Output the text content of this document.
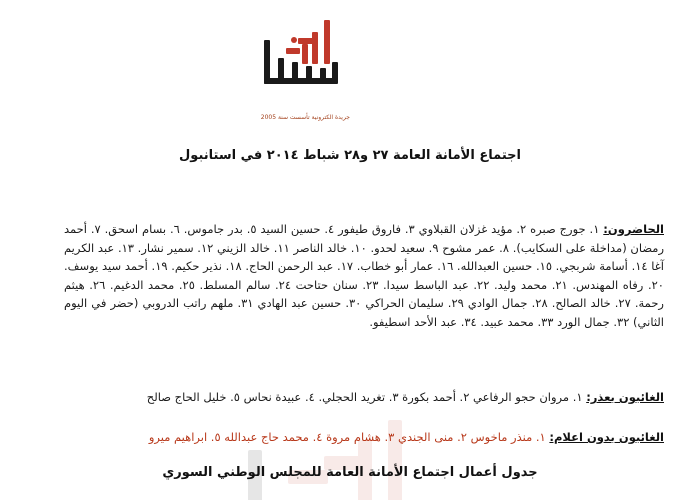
جريدة الكترونية تأسست سنة 2005
اجتماع الأمانة العامة ٢٧ و٢٨ شباط ٢٠١٤ في استانبول
الحاضرون: ١. جورج صبره ٢. مؤيد غزلان القبلاوي ٣. فاروق طيفور ٤. حسين السيد ٥. بدر جاموس. ٦. بسام اسحق. ٧. أحمد رمضان (مداخلة على السكايب). ٨. عمر مشوح ٩. سعيد لحدو. ١٠. خالد الناصر ١١. خالد الزيني ١٢. سمير نشار. ١٣. عبد الكريم آغا ١٤. أسامة شربجي. ١٥. حسين العبدالله. ١٦. عمار أبو خطاب. ١٧. عبد الرحمن الحاج. ١٨. نذير حكيم. ١٩. أحمد سيد يوسف. ٢٠. رفاه المهندس. ٢١. محمد وليد. ٢٢. عبد الباسط سيدا. ٢٣. سنان حتاحت ٢٤. سالم المسلط. ٢٥. محمد الدغيم. ٢٦. هيثم رحمة. ٢٧. خالد الصالح. ٢٨. جمال الوادي ٢٩. سليمان الحراكي ٣٠. حسين عبد الهادي ٣١. ملهم راتب الدروبي (حضر في اليوم الثاني) ٣٢. جمال الورد ٣٣. محمد عبيد. ٣٤. عبد الأحد اسطيفو.
الغائبون بعذر: ١. مروان حجو الرفاعي ٢. أحمد بكورة ٣. تغريد الحجلي. ٤. عبيدة نحاس ٥. خليل الحاج صالح
الغائبون بدون اعلام: ١. منذر ماخوس ٢. منى الجندي ٣. هشام مروة ٤. محمد حاج عبدالله ٥. ابراهيم ميرو
جدول أعمال اجتماع الأمانة العامة للمجلس الوطني السوري
